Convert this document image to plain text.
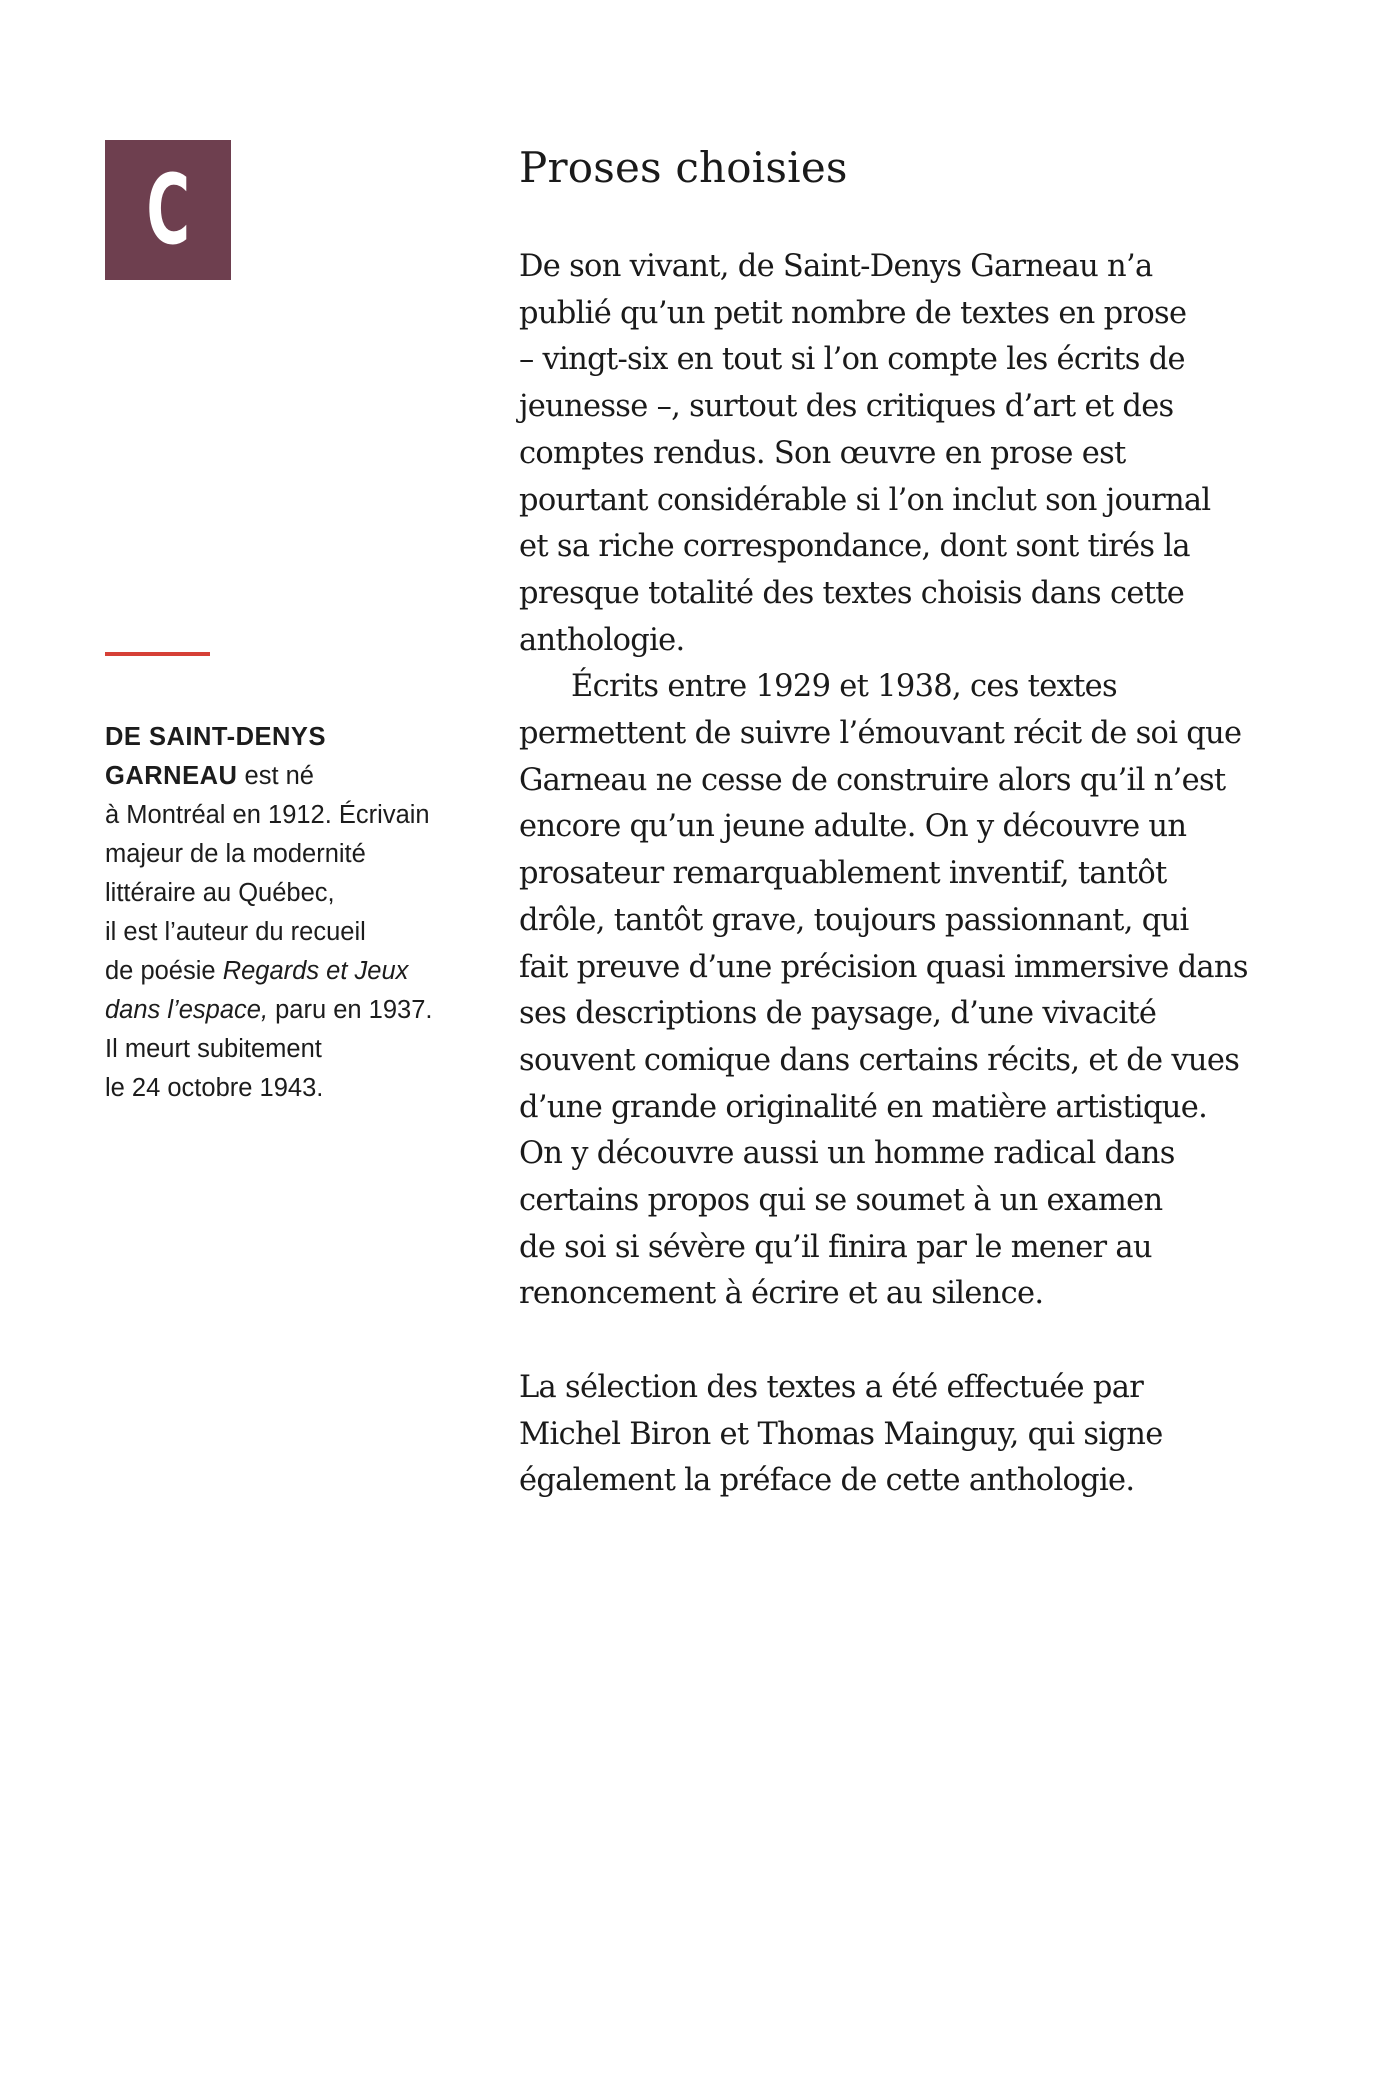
C
DE SAINT-DENYS
GARNEAU est né
à Montréal en 1912. Écrivain
majeur de la modernité
littéraire au Québec,
il est l’auteur du recueil
de poésie Regards et Jeux
dans l’espace, paru en 1937.
Il meurt subitement
le 24 octobre 1943.
Proses choisies
De son vivant, de Saint-Denys Garneau n’a
publié qu’un petit nombre de textes en prose
– vingt-six en tout si l’on compte les écrits de
jeunesse –, surtout des critiques d’art et des
comptes rendus. Son œuvre en prose est
pourtant considérable si l’on inclut son journal
et sa riche correspondance, dont sont tirés la
presque totalité des textes choisis dans cette
anthologie.
Écrits entre 1929 et 1938, ces textes
permettent de suivre l’émouvant récit de soi que
Garneau ne cesse de construire alors qu’il n’est
encore qu’un jeune adulte. On y découvre un
prosateur remarquablement inventif, tantôt
drôle, tantôt grave, toujours passionnant, qui
fait preuve d’une précision quasi immersive dans
ses descriptions de paysage, d’une vivacité
souvent comique dans certains récits, et de vues
d’une grande originalité en matière artistique.
On y découvre aussi un homme radical dans
certains propos qui se soumet à un examen
de soi si sévère qu’il finira par le mener au
renoncement à écrire et au silence.
La sélection des textes a été effectuée par
Michel Biron et Thomas Mainguy, qui signe
également la préface de cette anthologie.
